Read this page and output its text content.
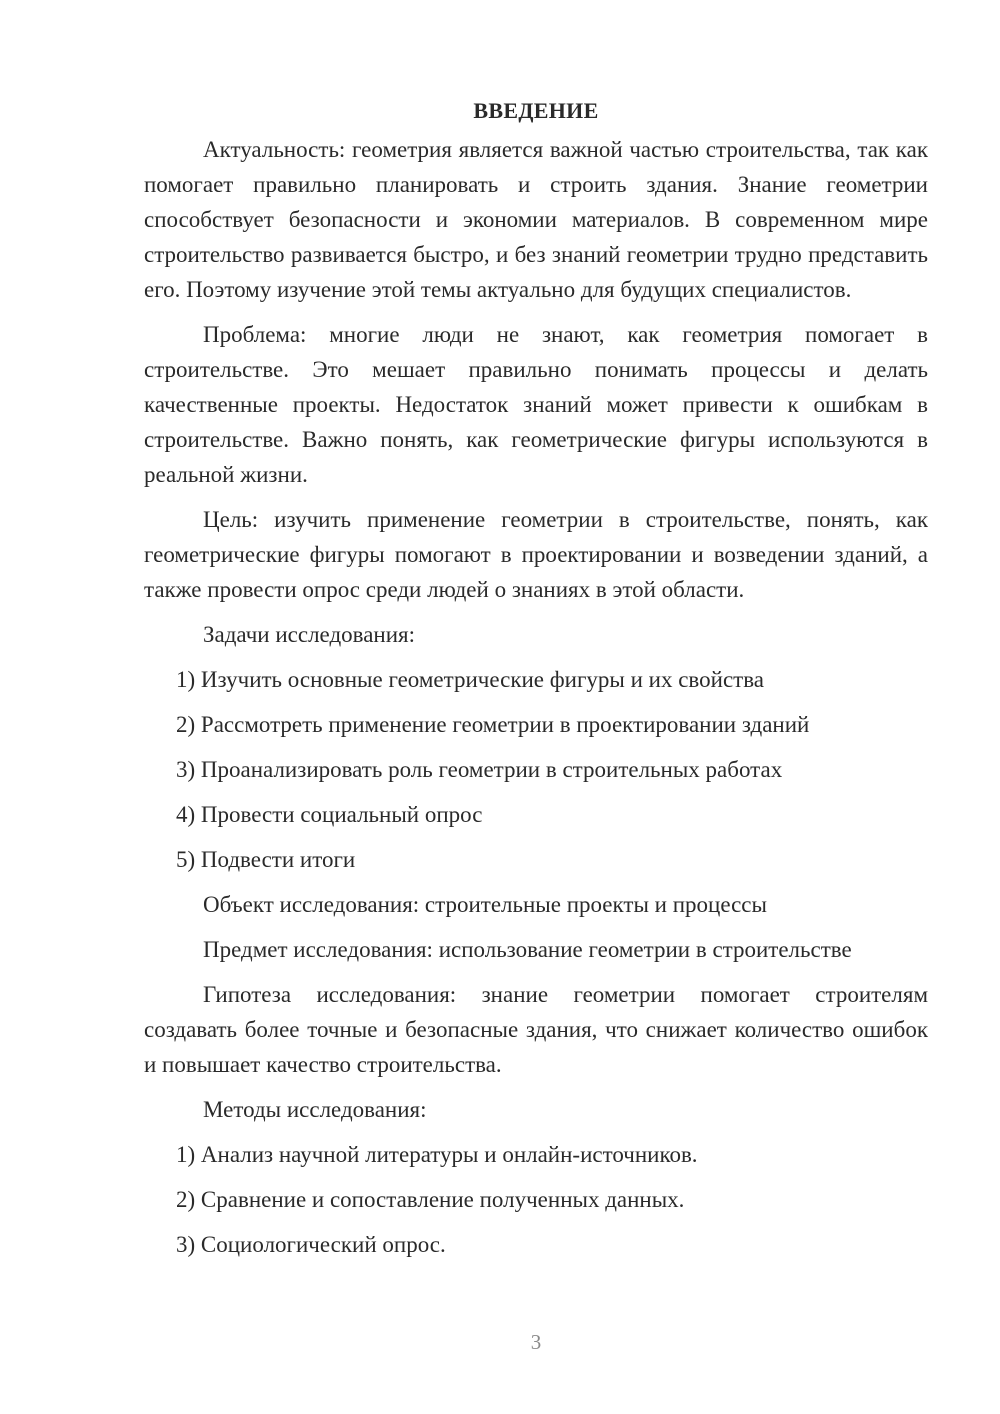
ВВЕДЕНИЕ

Актуальность: геометрия является важной частью строительства, так как помогает правильно планировать и строить здания. Знание геометрии способствует безопасности и экономии материалов. В современном мире строительство развивается быстро, и без знаний геометрии трудно представить его. Поэтому изучение этой темы актуально для будущих специалистов.

Проблема: многие люди не знают, как геометрия помогает в строительстве. Это мешает правильно понимать процессы и делать качественные проекты. Недостаток знаний может привести к ошибкам в строительстве. Важно понять, как геометрические фигуры используются в реальной жизни.

Цель: изучить применение геометрии в строительстве, понять, как геометрические фигуры помогают в проектировании и возведении зданий, а также провести опрос среди людей о знаниях в этой области.

Задачи исследования:
1) Изучить основные геометрические фигуры и их свойства
2) Рассмотреть применение геометрии в проектировании зданий
3) Проанализировать роль геометрии в строительных работах
4) Провести социальный опрос
5) Подвести итоги
Объект исследования: строительные проекты и процессы
Предмет исследования: использование геометрии в строительстве

Гипотеза исследования: знание геометрии помогает строителям создавать более точные и безопасные здания, что снижает количество ошибок и повышает качество строительства.

Методы исследования:
1) Анализ научной литературы и онлайн-источников.
2) Сравнение и сопоставление полученных данных.
3) Социологический опрос.
3
